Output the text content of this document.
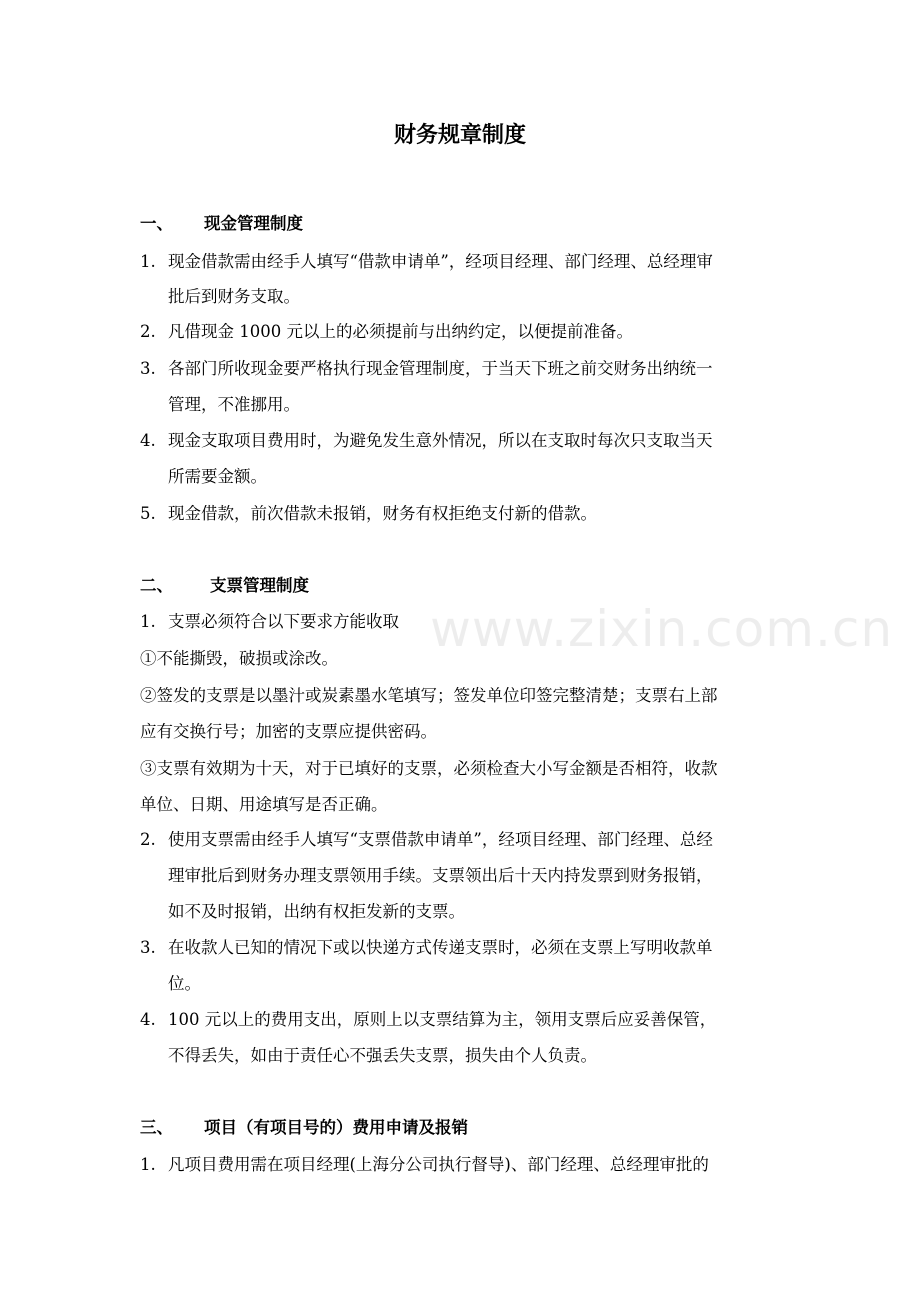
www.zixin.com.cn
财务规章制度
一、 现金管理制度
1. 现金借款需由经手人填写“借款申请单”，经项目经理、部门经理、总经理审
批后到财务支取。
2. 凡借现金 1000 元以上的必须提前与出纳约定，以便提前准备。
3. 各部门所收现金要严格执行现金管理制度，于当天下班之前交财务出纳统一
管理，不准挪用。
4. 现金支取项目费用时，为避免发生意外情况，所以在支取时每次只支取当天
所需要金额。
5. 现金借款，前次借款未报销，财务有权拒绝支付新的借款。
二、 支票管理制度
1. 支票必须符合以下要求方能收取
①不能撕毁，破损或涂改。
②签发的支票是以墨汁或炭素墨水笔填写；签发单位印签完整清楚；支票右上部
应有交换行号；加密的支票应提供密码。
③支票有效期为十天，对于已填好的支票，必须检查大小写金额是否相符，收款
单位、日期、用途填写是否正确。
2. 使用支票需由经手人填写“支票借款申请单”，经项目经理、部门经理、总经
理审批后到财务办理支票领用手续。支票领出后十天内持发票到财务报销，
如不及时报销，出纳有权拒发新的支票。
3. 在收款人已知的情况下或以快递方式传递支票时，必须在支票上写明收款单
位。
4. 100 元以上的费用支出，原则上以支票结算为主，领用支票后应妥善保管，
不得丢失，如由于责任心不强丢失支票，损失由个人负责。
三、 项目（有项目号的）费用申请及报销
1. 凡项目费用需在项目经理(上海分公司执行督导)、部门经理、总经理审批的
